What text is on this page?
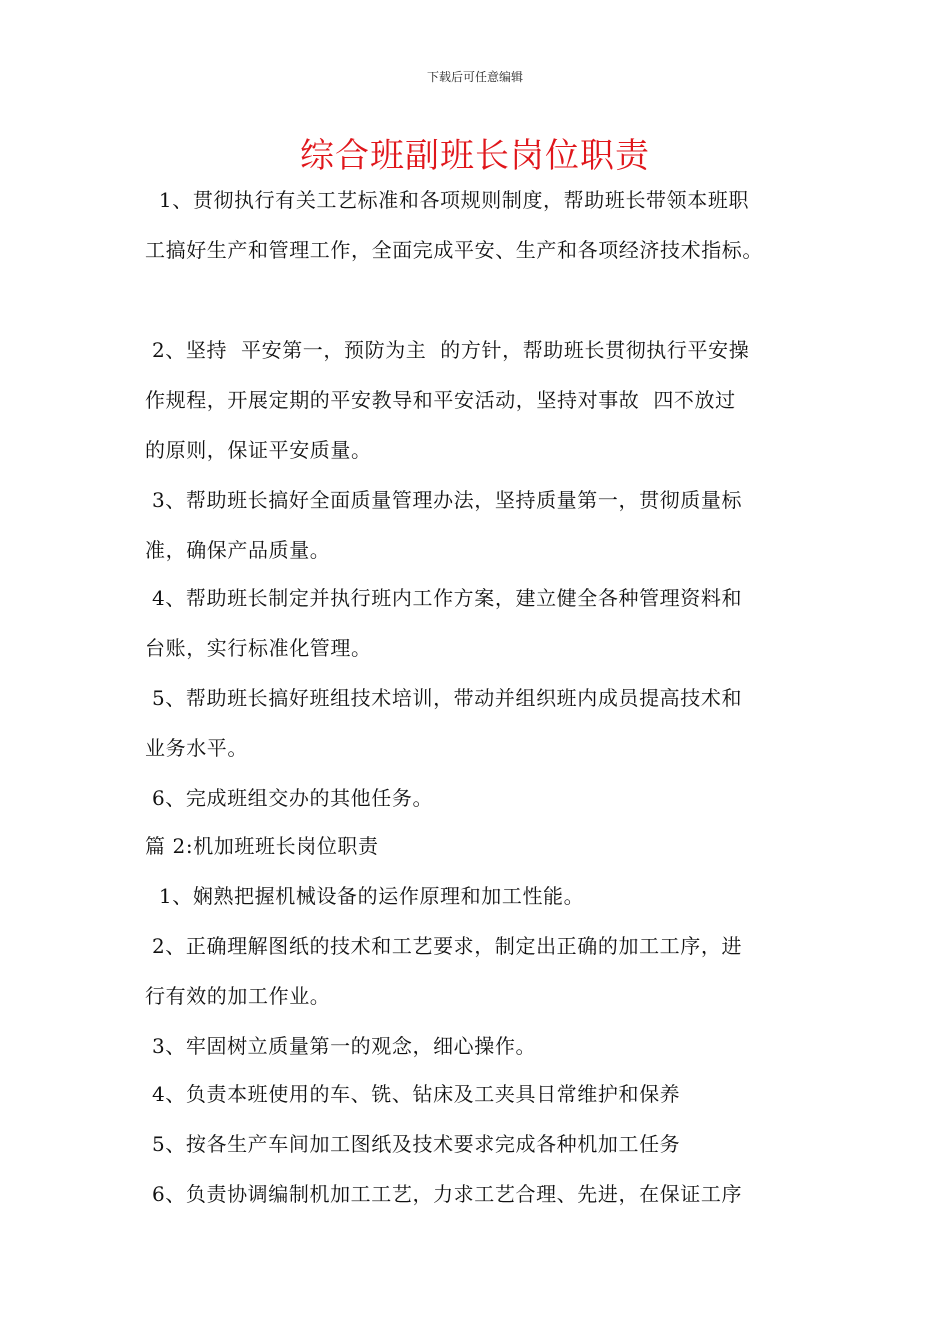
下载后可任意编辑
综合班副班长岗位职责
1、贯彻执行有关工艺标准和各项规则制度，帮助班长带领本班职
工搞好生产和管理工作，全面完成平安、生产和各项经济技术指标。
2、坚持  平安第一，预防为主  的方针，帮助班长贯彻执行平安操
作规程，开展定期的平安教导和平安活动，坚持对事故  四不放过
的原则，保证平安质量。
3、帮助班长搞好全面质量管理办法，坚持质量第一，贯彻质量标
准，确保产品质量。
4、帮助班长制定并执行班内工作方案，建立健全各种管理资料和
台账，实行标准化管理。
5、帮助班长搞好班组技术培训，带动并组织班内成员提高技术和
业务水平。
6、完成班组交办的其他任务。
篇 2:机加班班长岗位职责
1、娴熟把握机械设备的运作原理和加工性能。
2、正确理解图纸的技术和工艺要求，制定出正确的加工工序，进
行有效的加工作业。
3、牢固树立质量第一的观念，细心操作。
4、负责本班使用的车、铣、钻床及工夹具日常维护和保养
5、按各生产车间加工图纸及技术要求完成各种机加工任务
6、负责协调编制机加工工艺，力求工艺合理、先进，在保证工序
